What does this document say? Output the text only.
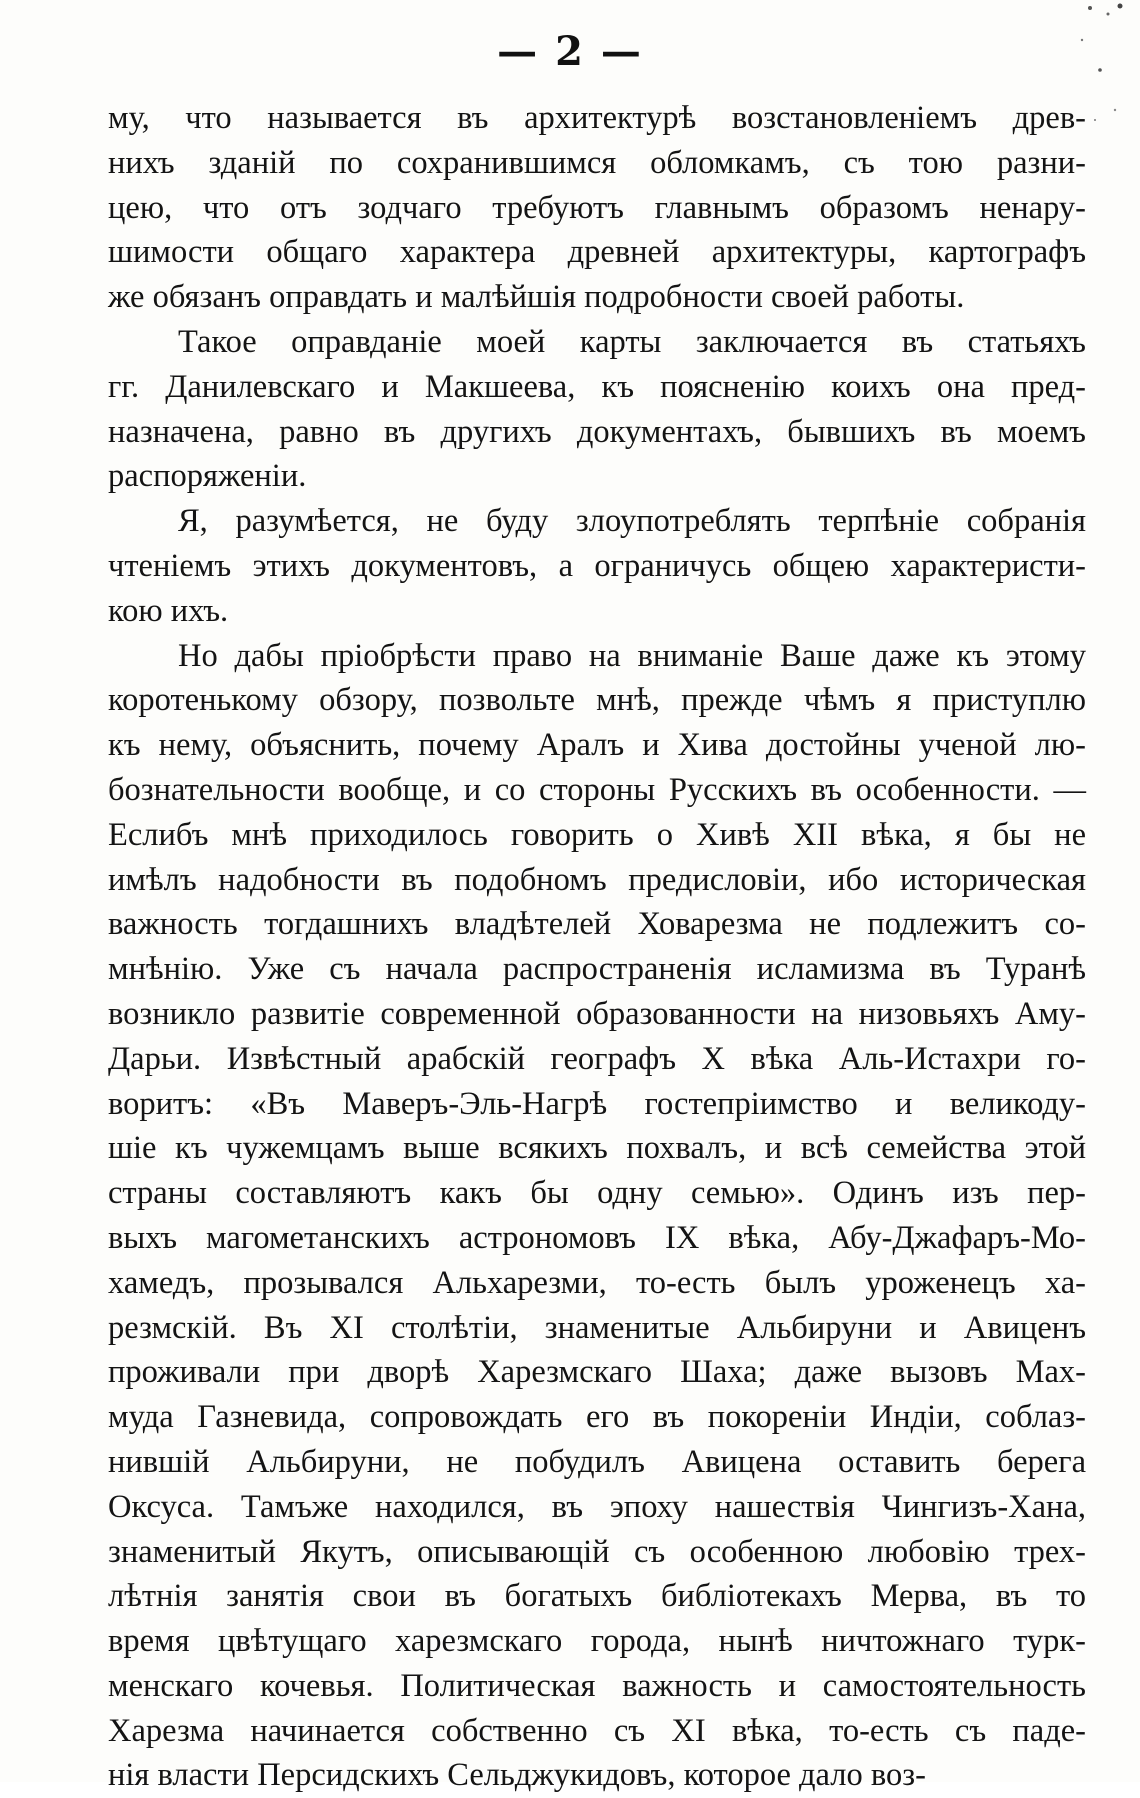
— 2 —
му, что называется въ архитектурѣ возстановленіемъ древ-
нихъ зданій по сохранившимся обломкамъ, съ тою разни-
цею, что отъ зодчаго требуютъ главнымъ образомъ ненару-
шимости общаго характера древней архитектуры, картографъ
же обязанъ оправдать и малѣйшія подробности своей работы.
Такое оправданіе моей карты заключается въ статьяхъ
гг. Данилевскаго и Макшеева, къ поясненію коихъ она пред-
назначена, равно въ другихъ документахъ, бывшихъ въ моемъ
распоряженіи.
Я, разумѣется, не буду злоупотреблять терпѣніе собранія
чтеніемъ этихъ документовъ, а ограничусь общею характеристи-
кою ихъ.
Но дабы пріобрѣсти право на вниманіе Ваше даже къ этому
коротенькому обзору, позвольте мнѣ, прежде чѣмъ я приступлю
къ нему, объяснить, почему Аралъ и Хива достойны ученой лю-
бознательности вообще, и со стороны Русскихъ въ особенности. —
Еслибъ мнѣ приходилось говорить о Хивѣ XII вѣка, я бы не
имѣлъ надобности въ подобномъ предисловіи, ибо историческая
важность тогдашнихъ владѣтелей Ховарезма не подлежитъ со-
мнѣнію. Уже съ начала распространенія исламизма въ Туранѣ
возникло развитіе современной образованности на низовьяхъ Аму-
Дарьи. Извѣстный арабскій географъ X вѣка Аль-Истахри го-
воритъ: «Въ Маверъ-Эль-Нагрѣ гостепріимство и великоду-
шіе къ чужемцамъ выше всякихъ похвалъ, и всѣ семейства этой
страны составляютъ какъ бы одну семью». Одинъ изъ пер-
выхъ магометанскихъ астрономовъ IX вѣка, Абу-Джафаръ-Мо-
хамедъ, прозывался Альхарезми, то-есть былъ уроженецъ ха-
резмскій. Въ XI столѣтіи, знаменитые Альбируни и Авиценъ
проживали при дворѣ Харезмскаго Шаха; даже вызовъ Мах-
муда Газневида, сопровождать его въ покореніи Индіи, соблаз-
нившій Альбируни, не побудилъ Авицена оставить берега
Оксуса. Тамъже находился, въ эпоху нашествія Чингизъ-Хана,
знаменитый Якутъ, описывающій съ особенною любовію трех-
лѣтнія занятія свои въ богатыхъ библіотекахъ Мерва, въ то
время цвѣтущаго харезмскаго города, нынѣ ничтожнаго турк-
менскаго кочевья. Политическая важность и самостоятельность
Харезма начинается собственно съ XI вѣка, то-есть съ паде-
нія власти Персидскихъ Сельджукидовъ, которое дало воз-
